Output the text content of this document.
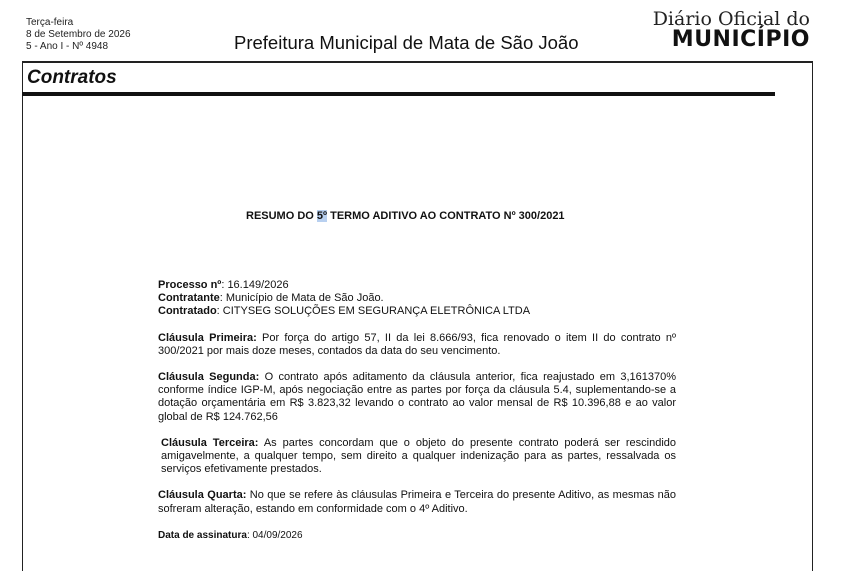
Terça-feira
8 de Setembro de 2026
5 - Ano I - Nº 4948	Prefeitura Municipal de Mata de São João
Diário Oficial do
MUNICÍPIO
Contratos
RESUMO DO 5º TERMO ADITIVO AO CONTRATO Nº 300/2021

Processo nº: 16.149/2026

Contratante: Município de Mata de São João.

Contratado: CITYSEG SOLUÇÕES EM SEGURANÇA ELETRÔNICA LTDA

Cláusula Primeira: Por força do artigo 57, II da lei 8.666/93, fica renovado o item II do contrato nº 300/2021 por mais doze meses, contados da data do seu vencimento.

Cláusula Segunda: O contrato após aditamento da cláusula anterior, fica reajustado em 3,161370% conforme índice IGP-M, após negociação entre as partes por força da cláusula 5.4, suplementando-se a dotação orçamentária em R$ 3.823,32 levando o contrato ao valor mensal de R$ 10.396,88 e ao valor global de R$ 124.762,56

Cláusula Terceira: As partes concordam que o objeto do presente contrato poderá ser rescindido amigavelmente, a qualquer tempo, sem direito a qualquer indenização para as partes, ressalvada os serviços efetivamente prestados.

Cláusula Quarta: No que se refere às cláusulas Primeira e Terceira do presente Aditivo, as mesmas não sofreram alteração, estando em conformidade com o 4º Aditivo.

Data de assinatura: 04/09/2026
